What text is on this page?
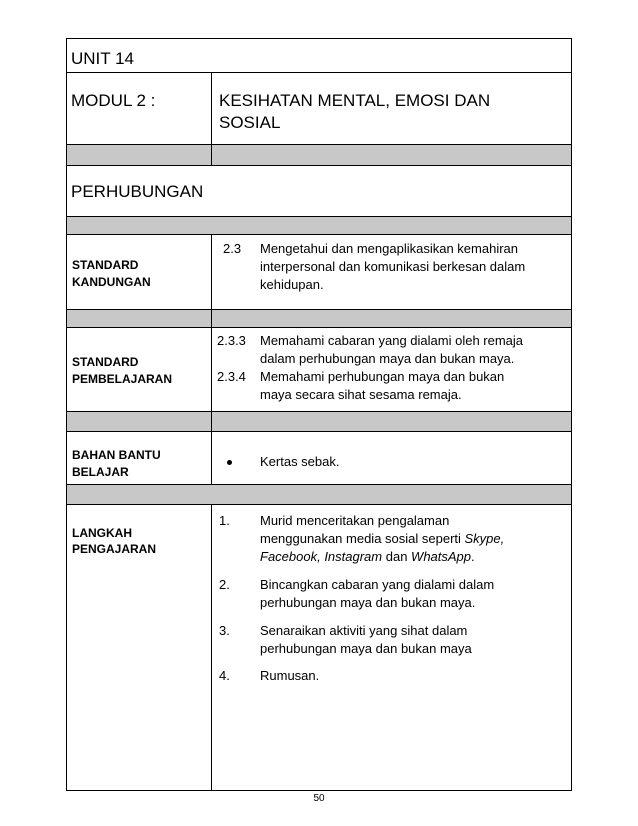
UNIT 14
MODUL 2 :	KESIHATAN MENTAL, EMOSI DAN
SOSIAL
PERHUBUNGAN
STANDARD
KANDUNGAN
2.3 Mengetahui dan mengaplikasikan kemahiran
interpersonal dan komunikasi berkesan dalam
kehidupan.
STANDARD
PEMBELAJARAN
2.3.3 Memahami cabaran yang dialami oleh remaja
dalam perhubungan maya dan bukan maya.
2.3.4 Memahami perhubungan maya dan bukan
maya secara sihat sesama remaja.
BAHAN BANTU
BELAJAR
Kertas sebak.
LANGKAH
PENGAJARAN
1. Murid menceritakan pengalaman
menggunakan media sosial seperti Skype,
Facebook, Instagram dan WhatsApp.
2. Bincangkan cabaran yang dialami dalam
perhubungan maya dan bukan maya.
3. Senaraikan aktiviti yang sihat dalam
perhubungan maya dan bukan maya
4. Rumusan.
50
